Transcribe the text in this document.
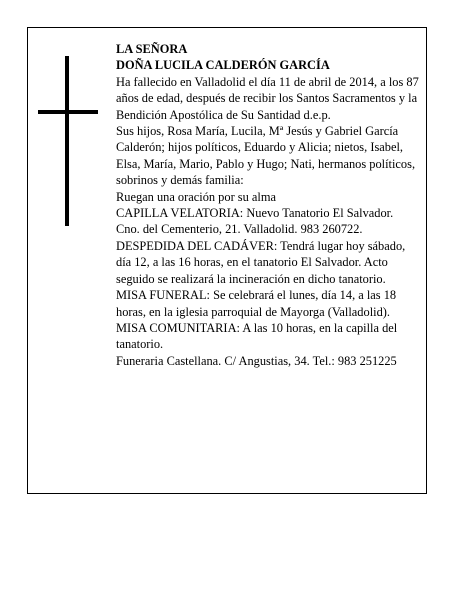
LA SEÑORA

DOÑA LUCILA CALDERÓN GARCÍA

Ha fallecido en Valladolid el día 11 de abril de 2014, a los 87 años de edad, después de recibir los Santos Sacramentos y la Bendición Apostólica de Su Santidad d.e.p.

Sus hijos, Rosa María, Lucila, Mª Jesús y Gabriel García Calderón; hijos políticos, Eduardo y Alicia; nietos, Isabel, Elsa, María, Mario, Pablo y Hugo; Nati, hermanos políticos, sobrinos y demás familia:

Ruegan una oración por su alma

CAPILLA VELATORIA: Nuevo Tanatorio El Salvador. Cno. del Cementerio, 21. Valladolid. 983 260722.

DESPEDIDA DEL CADÁVER: Tendrá lugar hoy sábado, día 12, a las 16 horas, en el tanatorio El Salvador. Acto seguido se realizará la incineración en dicho tanatorio. MISA FUNERAL: Se celebrará el lunes, día 14, a las 18 horas, en la iglesia parroquial de Mayorga (Valladolid).

MISA COMUNITARIA: A las 10 horas, en la capilla del tanatorio.

Funeraria Castellana. C/ Angustias, 34. Tel.: 983 251225
